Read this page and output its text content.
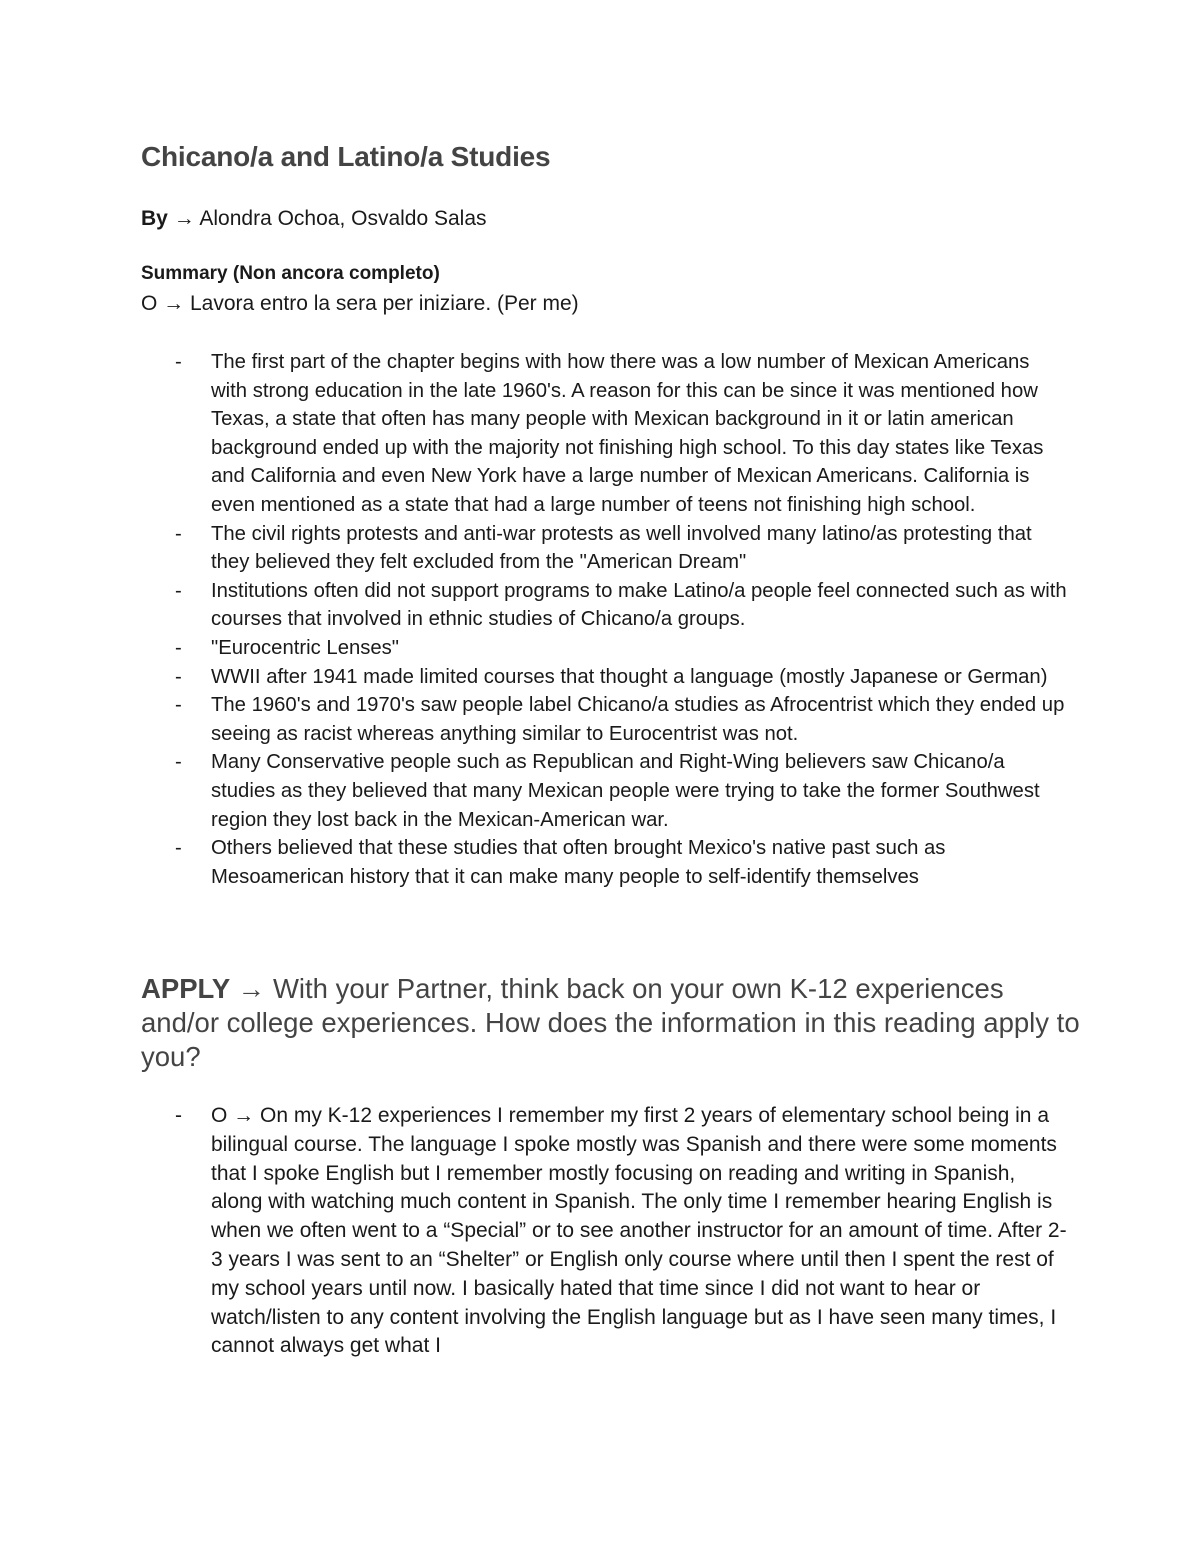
Chicano/a and Latino/a Studies

By → Alondra Ochoa, Osvaldo Salas

Summary (Non ancora completo)

O → Lavora entro la sera per iniziare. (Per me)

- The first part of the chapter begins with how there was a low number of Mexican Americans with strong education in the late 1960's. A reason for this can be since it was mentioned how Texas, a state that often has many people with Mexican background in it or latin american background ended up with the majority not finishing high school. To this day states like Texas and California and even New York have a large number of Mexican Americans. California is even mentioned as a state that had a large number of teens not finishing high school.
- The civil rights protests and anti-war protests as well involved many latino/as protesting that they believed they felt excluded from the "American Dream"
- Institutions often did not support programs to make Latino/a people feel connected such as with courses that involved in ethnic studies of Chicano/a groups.
- "Eurocentric Lenses"
- WWII after 1941 made limited courses that thought a language (mostly Japanese or German)
- The 1960's and 1970's saw people label Chicano/a studies as Afrocentrist which they ended up seeing as racist whereas anything similar to Eurocentrist was not.
- Many Conservative people such as Republican and Right-Wing believers saw Chicano/a studies as they believed that many Mexican people were trying to take the former Southwest region they lost back in the Mexican-American war.
- Others believed that these studies that often brought Mexico's native past such as Mesoamerican history that it can make many people to self-identify themselves
APPLY → With your Partner, think back on your own K-12 experiences and/or college experiences. How does the information in this reading apply to you?
- O → On my K-12 experiences I remember my first 2 years of elementary school being in a bilingual course. The language I spoke mostly was Spanish and there were some moments that I spoke English but I remember mostly focusing on reading and writing in Spanish, along with watching much content in Spanish. The only time I remember hearing English is when we often went to a “Special” or to see another instructor for an amount of time. After 2-3 years I was sent to an “Shelter” or English only course where until then I spent the rest of my school years until now. I basically hated that time since I did not want to hear or watch/listen to any content involving the English language but as I have seen many times, I cannot always get what I
